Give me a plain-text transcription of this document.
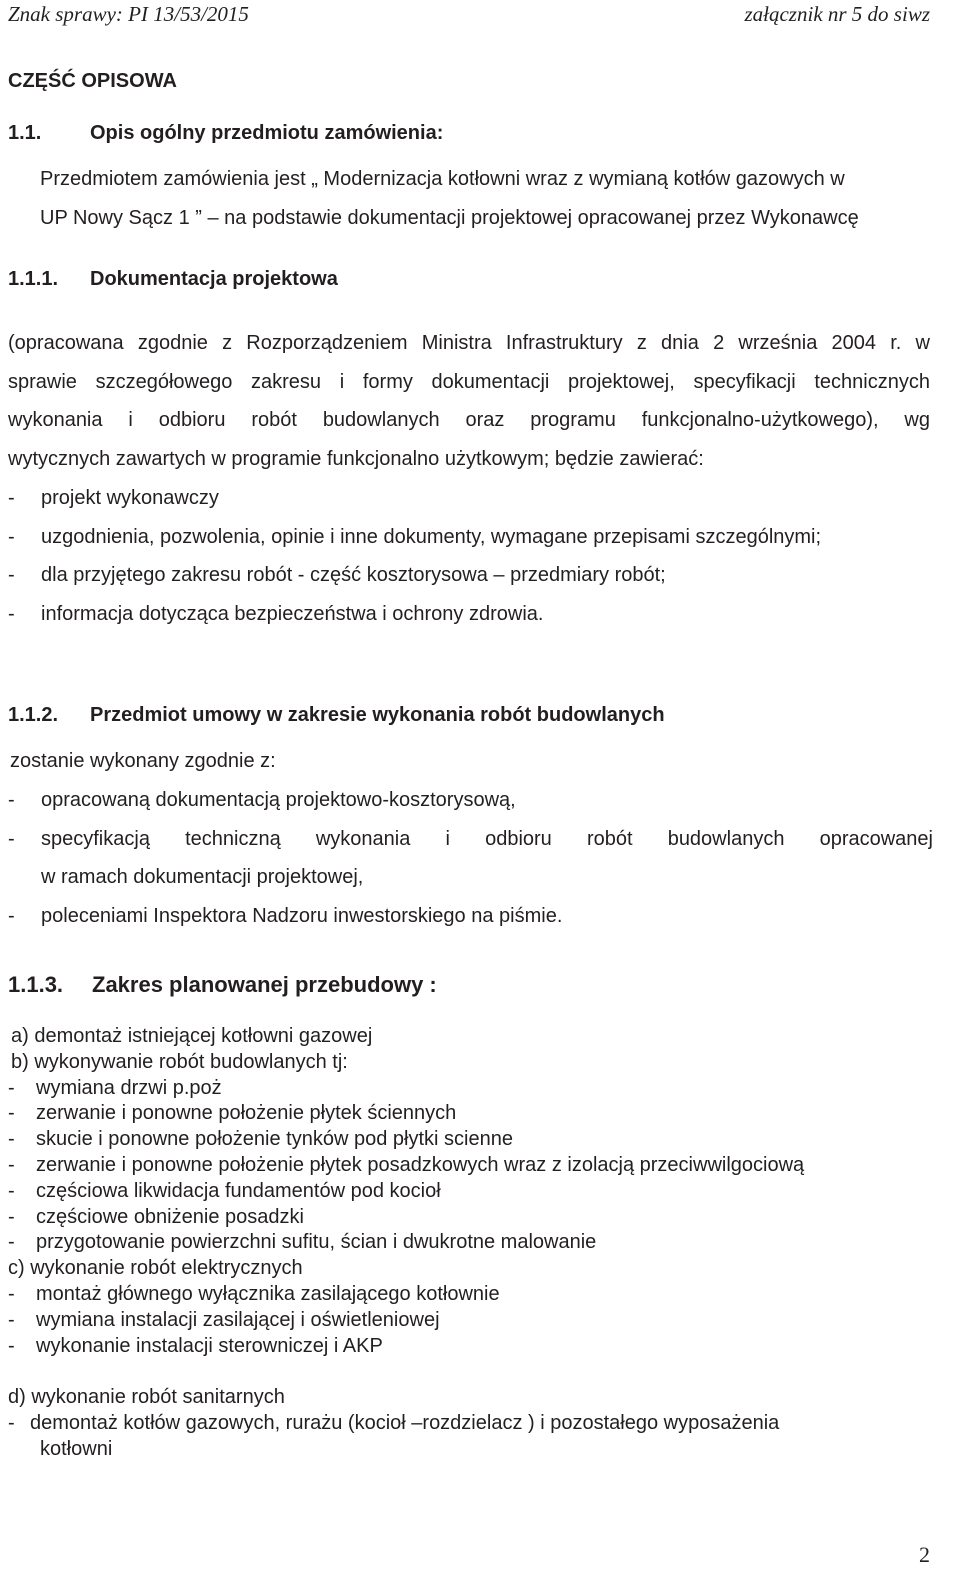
Znak sprawy: PI 13/53/2015	załącznik nr 5 do siwz
CZĘŚĆ OPISOWA
1.1. Opis ogólny przedmiotu zamówienia:
Przedmiotem zamówienia jest „ Modernizacja kotłowni wraz z wymianą kotłów gazowych w
UP Nowy Sącz 1 ” – na podstawie dokumentacji projektowej opracowanej przez Wykonawcę
1.1.1. Dokumentacja projektowa
(opracowana zgodnie z Rozporządzeniem Ministra Infrastruktury z dnia 2 września 2004 r. w
sprawie szczegółowego zakresu i formy dokumentacji projektowej, specyfikacji technicznych
wykonania i odbioru robót budowlanych oraz programu funkcjonalno-użytkowego), wg
wytycznych zawartych w programie funkcjonalno użytkowym; będzie zawierać:
- projekt wykonawczy
- uzgodnienia, pozwolenia, opinie i inne dokumenty, wymagane przepisami szczególnymi;
- dla przyjętego zakresu robót - część kosztorysowa – przedmiary robót;
- informacja dotycząca bezpieczeństwa i ochrony zdrowia.
1.1.2. Przedmiot umowy w zakresie wykonania robót budowlanych
zostanie wykonany zgodnie z:
- opracowaną dokumentacją projektowo-kosztorysową,
- specyfikacją techniczną wykonania i odbioru robót budowlanych opracowanej
w ramach dokumentacji projektowej,
- poleceniami Inspektora Nadzoru inwestorskiego na piśmie.
1.1.3. Zakres planowanej przebudowy :
a) demontaż istniejącej kotłowni gazowej
b) wykonywanie robót budowlanych tj:
- wymiana drzwi p.poż
- zerwanie i ponowne położenie płytek ściennych
- skucie i ponowne położenie tynków pod płytki scienne
- zerwanie i ponowne położenie płytek posadzkowych wraz z izolacją przeciwwilgociową
- częściowa likwidacja fundamentów pod kocioł
- częściowe obniżenie posadzki
- przygotowanie powierzchni sufitu, ścian i dwukrotne malowanie
c) wykonanie robót elektrycznych
- montaż głównego wyłącznika zasilającego kotłownie
- wymiana instalacji zasilającej i oświetleniowej
- wykonanie instalacji sterowniczej i AKP
d) wykonanie robót sanitarnych
- demontaż kotłów gazowych, rurażu (kocioł –rozdzielacz ) i pozostałego wyposażenia
kotłowni
2
